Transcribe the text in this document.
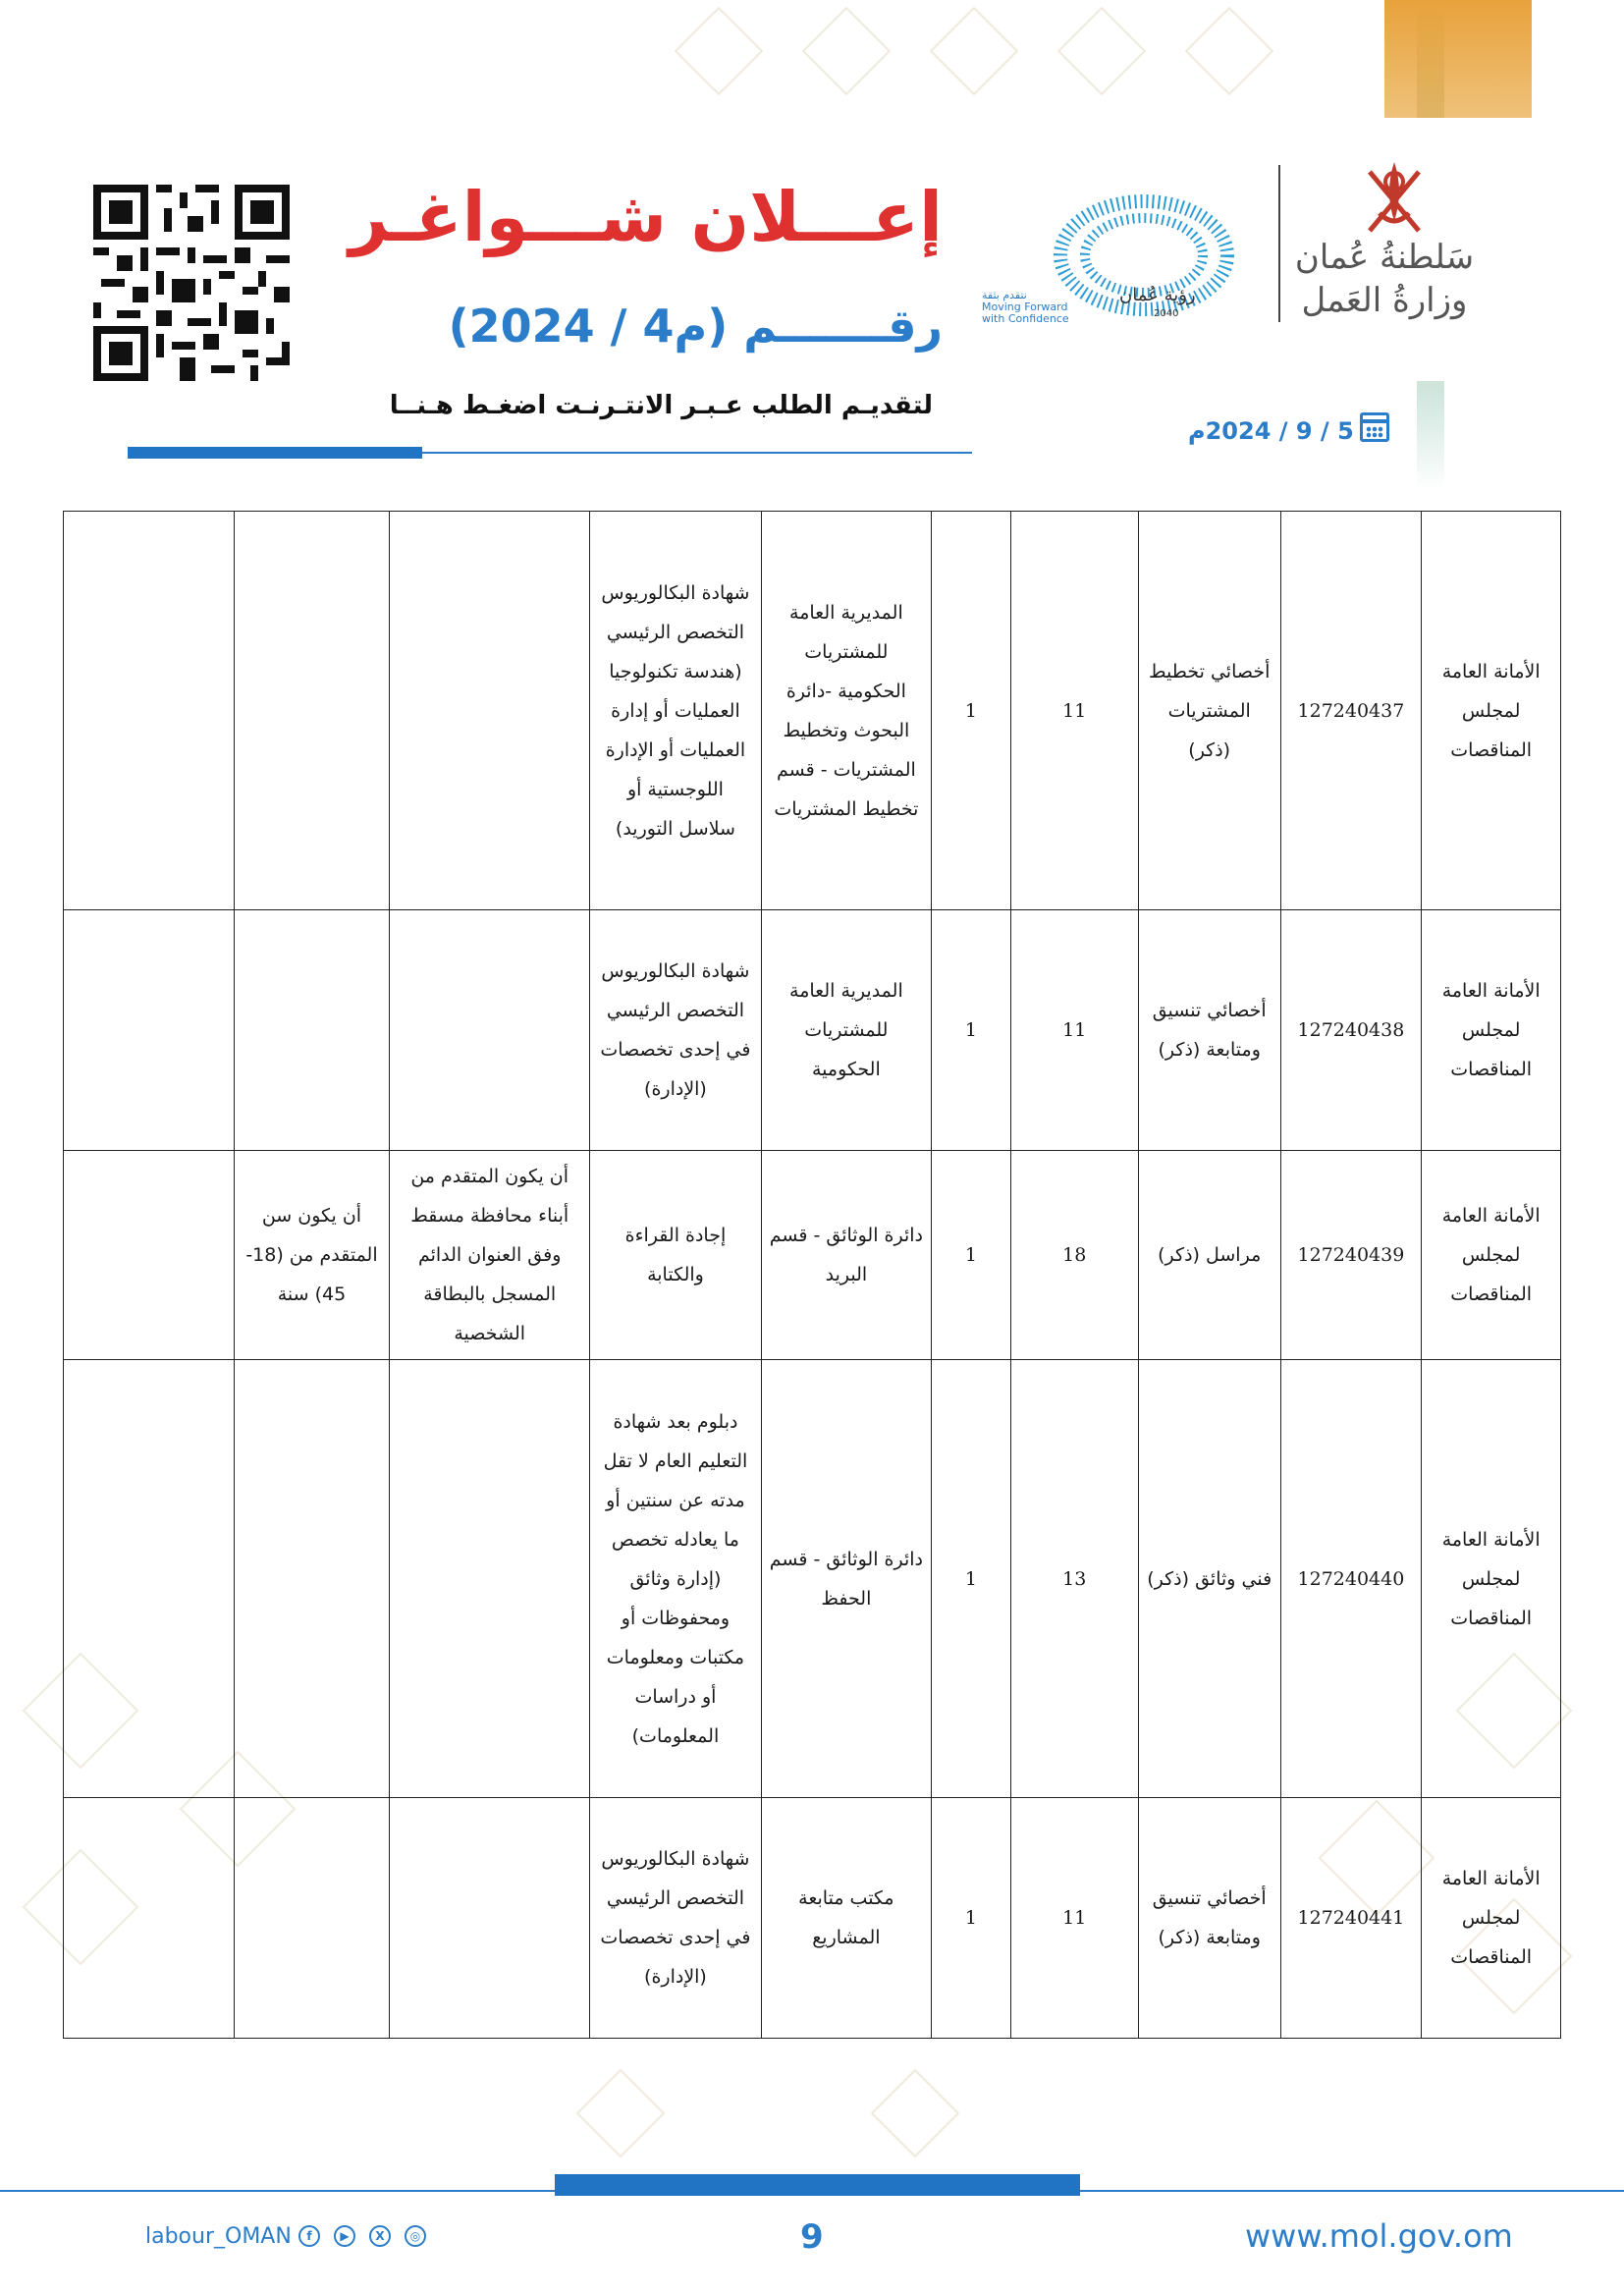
سَلطنةُ عُمان
وزارةُ العَمل
رؤية عُمان
2040
نتقدم بثقة
Moving Forward
with Confidence
إعـــلان شـــواغـر
رقـــــــم (م4 / 2024)
لتقديـم الطلب عـبـر الانتـرنـت اضغـط هـنــا
5 / 9 / 2024م
الأمانة العامة لمجلس المناقصات	127240437	أخصائي تخطيط المشتريات (ذكر)	11	1	المديرية العامة للمشتريات الحكومية -دائرة البحوث وتخطيط المشتريات - قسم تخطيط المشتريات	شهادة البكالوريوس التخصص الرئيسي (هندسة تكنولوجيا العمليات أو إدارة العمليات أو الإدارة اللوجستية أو سلاسل التوريد)			
الأمانة العامة لمجلس المناقصات	127240438	أخصائي تنسيق ومتابعة (ذكر)	11	1	المديرية العامة للمشتريات الحكومية	شهادة البكالوريوس التخصص الرئيسي في إحدى تخصصات (الإدارة)			
الأمانة العامة لمجلس المناقصات	127240439	مراسل (ذكر)	18	1	دائرة الوثائق - قسم البريد	إجادة القراءة والكتابة	أن يكون المتقدم من أبناء محافظة مسقط وفق العنوان الدائم المسجل بالبطاقة الشخصية	أن يكون سن المتقدم من (18-45) سنة	
الأمانة العامة لمجلس المناقصات	127240440	فني وثائق (ذكر)	13	1	دائرة الوثائق - قسم الحفظ	دبلوم بعد شهادة التعليم العام لا تقل مدته عن سنتين أو ما يعادله تخصص (إدارة وثائق ومحفوظات أو مكتبات ومعلومات أو دراسات المعلومات)			
الأمانة العامة لمجلس المناقصات	127240441	أخصائي تنسيق ومتابعة (ذكر)	11	1	مكتب متابعة المشاريع	شهادة البكالوريوس التخصص الرئيسي في إحدى تخصصات (الإدارة)			
labour_OMAN	f	▶	X	◎	9	www.mol.gov.om
